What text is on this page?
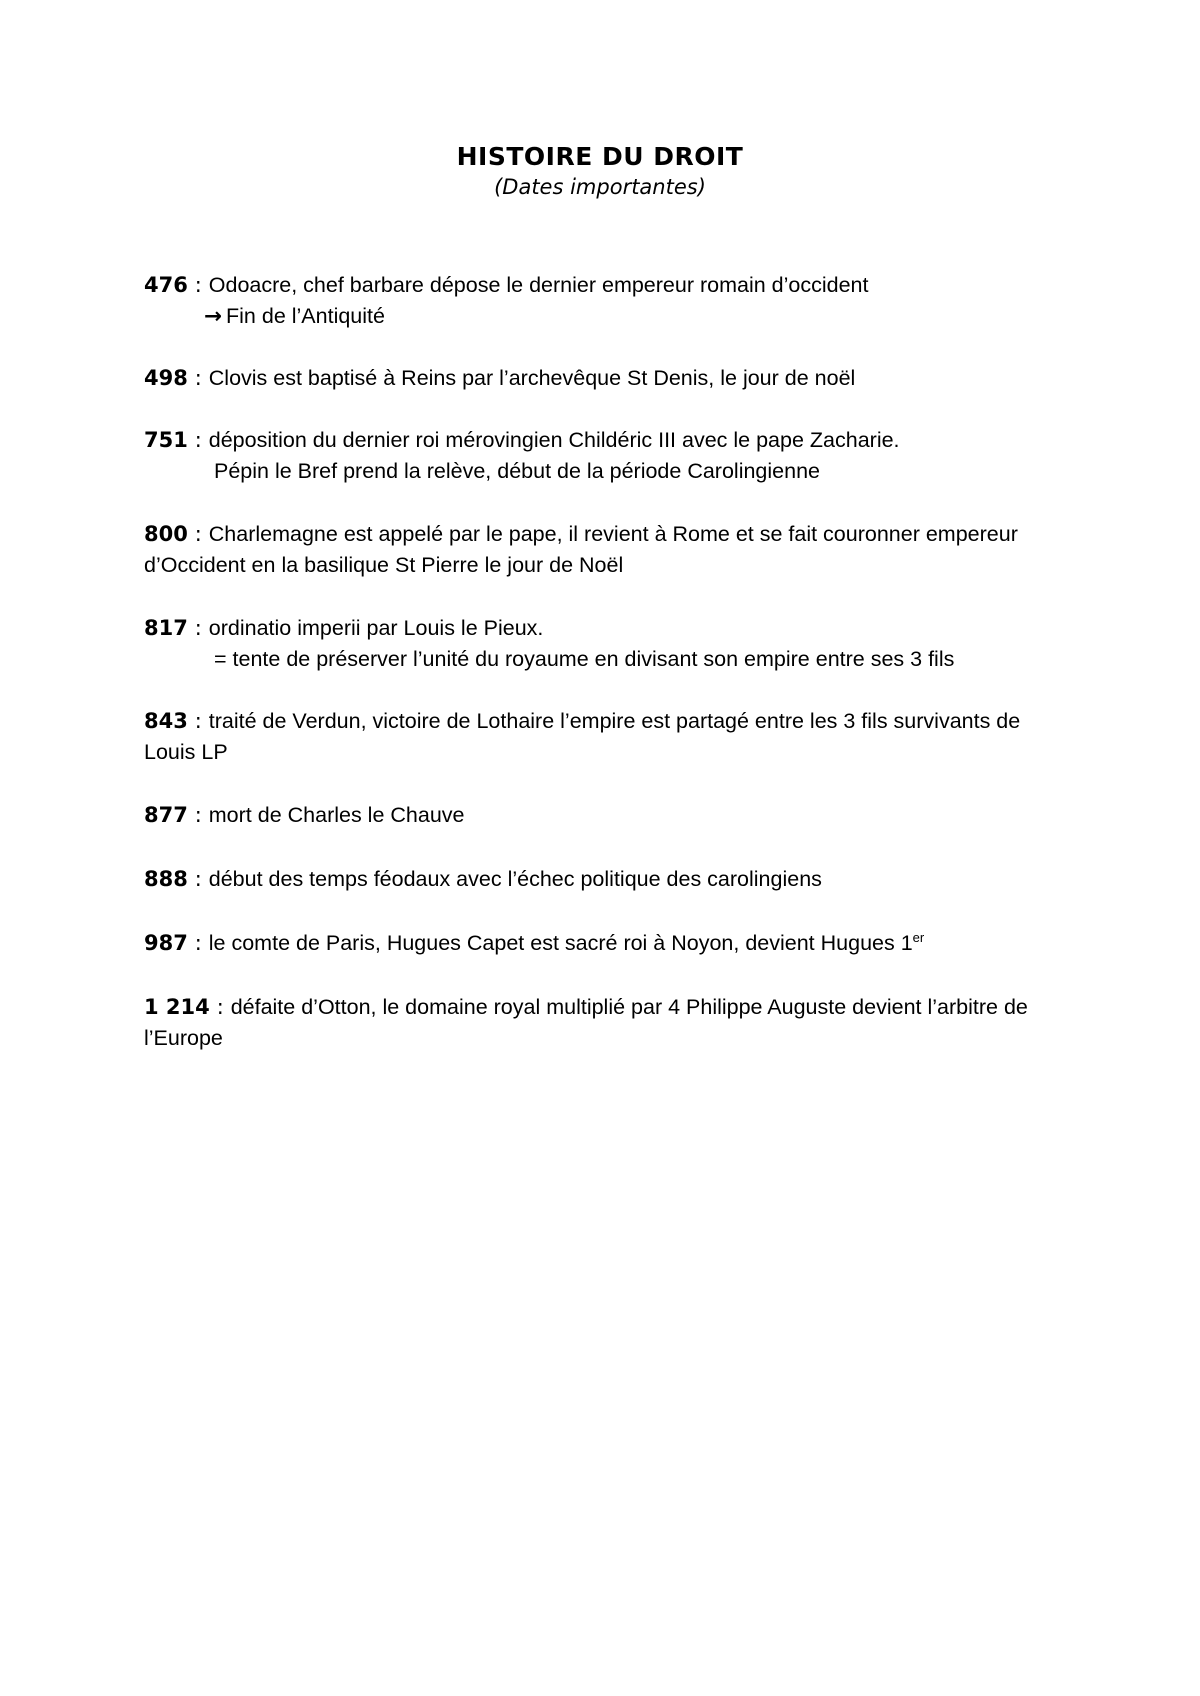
HISTOIRE DU DROIT
(Dates importantes)
476 : Odoacre, chef barbare dépose le dernier empereur romain d’occident
→ Fin de l’Antiquité
498 : Clovis est baptisé à Reins par l’archevêque St Denis, le jour de noël
751 : déposition du dernier roi mérovingien Childéric III avec le pape Zacharie.
Pépin le Bref prend la relève, début de la période Carolingienne
800 : Charlemagne est appelé par le pape, il revient à Rome et se fait couronner empereur d’Occident en la basilique St Pierre le jour de Noël
817 : ordinatio imperii par Louis le Pieux.
= tente de préserver l’unité du royaume en divisant son empire entre ses 3 fils
843 : traité de Verdun, victoire de Lothaire l’empire est partagé entre les 3 fils survivants de Louis LP
877 : mort de Charles le Chauve
888 : début des temps féodaux avec l’échec politique des carolingiens
987 : le comte de Paris, Hugues Capet est sacré roi à Noyon, devient Hugues 1er
1 214 : défaite d’Otton, le domaine royal multiplié par 4 Philippe Auguste devient l’arbitre de l’Europe
